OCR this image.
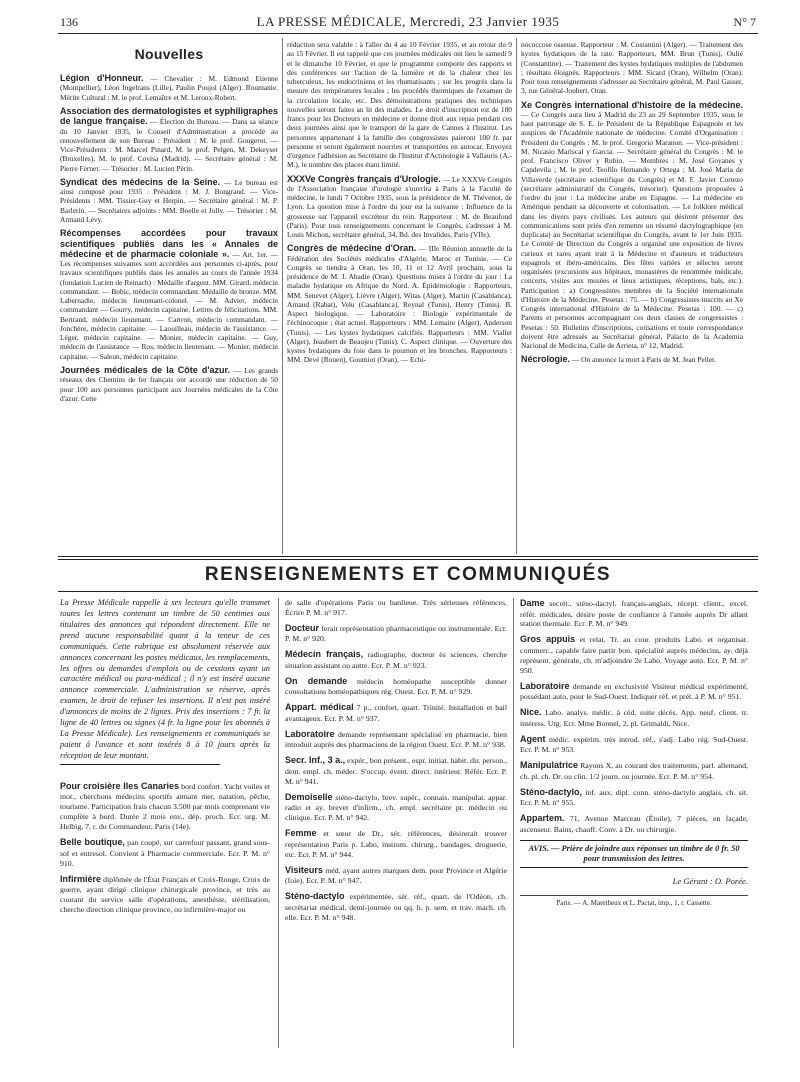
136	LA PRESSE MÉDICALE, Mercredi, 23 Janvier 1935	N° 7
Nouvelles
Légion d'Honneur. — Chevalier : M. Edmond Etienne (Montpellier), Léon Ingelrans (Lille), Paulin Poujol (Alger). Roumanie. Mérite Cultural : M. le prof. Lemaître et M. Leroux-Robert.
Association des dermatologistes et syphiligraphes de langue française. — Élection du Bureau. — Dans sa séance du 10 Janvier 1935, le Conseil d'Administration a procédé au renouvellement de son Bureau : Président : M. le prof. Gougerot. — Vice-Présidents : M. Marcel Pinard, M. le prof. Pelgen, M. Dekeyser (Bruxelles), M. le prof. Covisa (Madrid). — Secrétaire général : M. Pierre Fernet. — Trésorier : M. Lucien Périn.
Syndicat des médecins de la Seine. — Le bureau est ainsi composé pour 1935 : Président : M. J. Bongrand. — Vice-Présidents : MM. Tissier-Guy et Herpin. — Secrétaire général : M. P. Barlerin. — Secrétaires adjoints : MM. Boelle et Jolly. — Trésorier : M. Armand Lévy.
Récompenses accordées pour travaux scientifiques publiés dans les « Annales de médecine et de pharmacie coloniale ». — Art. 1er. — Les récompenses suivantes sont accordées aux personnes ci-après, pour travaux scientifiques publiés dans les annales au cours de l'année 1934 (fondation Lucien de Reinach) : Médaille d'argent. MM. Girard, médecin commandant. — Bobic, médecin commandant. Médaille de bronze. MM. Labernadie, médecin lieutenant-colonel. — M. Advier, médecin commandant — Gourry, médecin capitaine. Lettres de félicitations. MM. Bertrand, médecin lieutenant. — Cartron, médecin commandant. — Jonchère, médecin capitaine. — Laouilleau, médecin de l'assistance. — Léger, médecin capitaine. — Monier, médecin capitaine. — Guy, médecin de l'assistance — Ros, médecin lieutenant. — Monier, médecin capitaine. — Saleun, médecin capitaine.
Journées médicales de la Côte d'azur. — Les grands réseaux des Chemins de fer français ont accordé une réduction de 50 pour 100 aux personnes participant aux Journées médicales de la Côte d'azur. Cette
réduction sera valable : à l'aller du 4 au 10 Février 1935, et au retour du 9 au 15 Février. Il est rappelé que ces journées médicales ont lieu le samedi 9 et le dimanche 10 Février, et que le programme comporte des rapports et des conférences sur l'action de la lumière et de la chaleur chez les tuberculeux, les endocriniens et les rhumatisants ; sur les progrès dans la mesure des températures locales ; les procédés thermiques de l'examen de la circulation locale, etc. Des démonstrations pratiques des techniques nouvelles seront faites au lit des malades. Le droit d'inscription est de 180 francs pour les Docteurs en médecine et donne droit aux repas pendant ces deux journées ainsi que le transport de la gare de Cannes à l'Institut. Les personnes appartenant à la famille des congressistes paieront 100 fr. par personne et seront également nourries et transportées en autocar. Envoyez d'urgence l'adhésion au Secrétaire de l'Institut d'Actinologie à Vallauris (A.-M.), le nombre des places étant limité.
XXXVe Congrès français d'Urologie. — Le XXXVe Congrès de l'Association française d'urologie s'ouvrira à Paris à la Faculté de médecine, le lundi 7 Octobre 1935, sous la présidence de M. Thévenot, de Lyon. La question mise à l'ordre du jour est la suivante : Influence de la grossesse sur l'appareil excréteur du rein. Rapporteur : M. de Beaufond (Paris). Pour tous renseignements concernant le Congrès, s'adresser à M. Louis Michon, secrétaire général, 34, Bd. des Invalides, Paris (VIIe).
Congrès de médecine d'Oran. — IIIe Réunion annuelle de la Fédération des Sociétés médicales d'Algérie, Maroc et Tunisie. — Ce Congrès se tiendra à Oran, les 10, 11 et 12 Avril prochain, sous la présidence de M. J. Abadie (Oran). Questions mises à l'ordre du jour : La maladie hydatique en Afrique du Nord. A. Épidémiologie : Rapporteurs, MM. Senevet (Alger), Lièvre (Alger), Witas (Alger), Martin (Casablanca), Arnaud (Rabat), Velu (Casablanca), Reynal (Tunis), Henry (Tunis). B. Aspect biologique. — Laboratoire : Biologie expérimentale de l'échinocoque ; état actuel. Rapporteurs : MM. Lemaire (Alger), Anderson (Tunis). — Les kystes hydatiques calcifiés. Rapporteurs : MM. Viallet (Alger), Jeaubert de Beaujeu (Tunis). C. Aspect clinique. — Ouverture des kystes hydatiques du foie dans le poumon et les bronches. Rapporteurs : MM. Devé (Rouen), Goumiot (Oran), — Echi-
nococcose osseuse. Rapporteur : M. Costantini (Alger). — Traitement des kystes hydatiques de la rate. Rapporteurs, MM. Brun (Tunis), Oulié (Constantine). — Traitement des kystes hydatiques multiples de l'abdomen ; résultats éloignés. Rapporteurs : MM. Sicard (Oran), Wilhelm (Oran). Pour tous renseignements s'adresser au Secrétaire général, M. Paul Gasser, 3, rue Général-Joubert, Oran.
Xe Congrès international d'histoire de la médecine. — Ce Congrès aura lieu à Madrid du 23 au 29 Septembre 1935, sous le haut patronage de S. E. le Président de la République Espagnole et les auspices de l'Académie nationale de médecine. Comité d'Organisation : Président du Congrès : M. le prof. Gregorio Maranon. — Vice-président : M. Nicasio Mariscal y Garcia. — Secrétaire général du Congrès : M. le prof. Francisco Oliver y Rubio. — Membres : M. José Goyanes y Capdevila ; M. le prof. Teofilo Hernando y Ortega ; M. José Maria de Villaverde (secrétaire scientifique du Congrès) et M. F. Javier Cortezo (secrétaire administratif du Congrès, trésorier). Questions proposées à l'ordre du jour : La médecine arabe en Espagne. — La médecine en Amérique pendant sa découverte et colonisation. — Le folklore médical dans les divers pays civilisés. Les auteurs qui désirent présenter des communications sont priés d'en remettre un résumé dactylographique (en duplicata) au Secrétariat scientifique du Congrès, avant le 1er Juin 1935. Le Comité de Direction du Congrès a organisé une exposition de livres curieux et rares ayant trait à la Médecine et d'auteurs et traducteurs espagnols et ibéro-américains. Des fêtes variées et sélectes seront organisées (excursions aux hôpitaux, monastères de renommée médicale, concerts, visites aux musées et lieux artistiques, réceptions, bals, etc.). Participation : a) Congressistes membres de la Société internationale d'Histoire de la Médecine. Pesetas : 75. — b) Congressistes inscrits au Xe Congrès international d'Histoire de la Médecine. Pesetas : 100. — c) Parents et personnes accompagnant ces deux classes de congressistes : Pesetas : 50. Bulletins d'inscriptions, cotisations et toute correspondance doivent être adressés au Secrétariat général, Palacio de la Academia Nacional de Medicina, Calle de Arrieta, n° 12, Madrid.
Nécrologie. — On annonce la mort à Paris de M. Jean Pellet.
RENSEIGNEMENTS ET COMMUNIQUÉS
La Presse Médicale rappelle à ses lecteurs qu'elle transmet toutes les lettres contenant un timbre de 50 centimes aux titulaires des annonces qui répondent directement. Elle ne prend aucune responsabilité quant à la teneur de ces communiqués. Cette rubrique est absolument réservée aux annonces concernant les postes médicaux, les remplacements, les offres ou demandes d'emplois ou de cessions ayant un caractère médical ou para-médical ; il n'y est inséré aucune annonce commerciale. L'administration se réserve, après examen, le droit de refuser les insertions. Il n'est pas inséré d'annonces de moins de 2 lignes. Prix des insertions : 7 fr. la ligne de 40 lettres ou signes (4 fr. la ligne pour les abonnés à La Presse Médicale). Les renseignements et communiqués se paient à l'avance et sont insérés 8 à 10 jours après la réception de leur montant.
Pour croisière Iles Canaries bord confort. Yacht voiles et mot., cherchons médecins sportifs aimant mer, natation, pêche, tourisme. Participation frais chacun 3.500 par mois comprenant vie complète à bord. Durée 2 mois env., dép. proch. Ecr. urg. M. Helbig, 7, r. du Commandeur, Paris (14e).
Belle boutique, pan coupé, sur carrefour passant, grand sous-sol et entresol. Convient à Pharmacie commerciale. Ecr. P. M. n° 910.
Infirmière diplômée de l'État Français et Croix-Rouge, Croix de guerre, ayant dirigé clinique chirurgicale province, et très au courant du service salle d'opérations, anesthésie, stérilisation, cherche direction clinique province, ou infirmière-major ou
de salle d'opérations Paris ou banlieue. Très sérieuses références. Écrire P. M. n° 917.
Docteur ferait représentation pharmaceutique ou instrumentale. Ecr. P. M. n° 920.
Médecin français, radiographe, docteur ès sciences, cherche situation assistant ou autre. Ecr. P. M. n° 923.
On demande médecin homéopathe susceptible donner consultations homéopathiques rég. Ouest. Ecr. P. M. n° 929.
Appart. médical 7 p., confort, quart. Trinité. Installation et bail avantageux. Ecr. P. M. n° 937.
Laboratoire demande représentant spécialisé en pharmacie, bien introduit auprès des pharmaciens de la région Ouest. Ecr. P. M. n° 938.
Secr. Inf., 3 a., expér., bon présent., espr. initiat. habit. dir. person., dem. empl. ch. médec. S'occup. évent. direct. intérieur. Référ. Ecr. P. M. n° 941.
Demoiselle sténo-dactylo, brev. supér., connais. manipulat. appar. radio et ay. brevet d'infirm., ch. empl. secrétaire pr. médecin ou clinique. Ecr. P. M. n° 942.
Femme et sœur de Dr., sér. références, désirerait trouver représentation Paris p. Labo, instrum. chirurg., bandages, droguerie, etc. Ecr. P. M. n° 944.
Visiteurs méd. ayant autres marques dem. pour Province et Algérie (foie). Ecr. P. M. n° 947.
Sténo-dactylo expérimentée, sér. réf., quart. de l'Odéon, ch. secrétariat médical, demi-journée ou qq. h. p. sem. et trav. mach. ch. elle. Ecr. P. M. n° 948.
Dame secrét., sténo-dactyl. français-anglais, récept. client., excel. référ. médicales, désire poste de confiance à l'année auprès Dr allant station thermale. Ecr. P. M. n° 949.
Gros appuis et relat. Tr. au cour. produits Labo. et organisat. commerc., capable faire partir bon. spécialité auprès médecins, ay. déjà représent. générale, ch. m'adjoindre 2e Labo. Voyage auto. Ecr. P. M. n° 950.
Laboratoire demande en exclusivité Visiteur médical expérimenté, possédant auto, pour le Sud-Ouest. Indiquer réf. et prét. à P. M. n° 951.
Nice. Labo. analys. médic. à céd. suite décès. App. neuf. client. tr. intéress. Urg. Ecr. Mme Bonnel, 2, pl. Grimaldi, Nice.
Agent médic. expérim. très introd. réf., s'adj. Labo rég. Sud-Ouest. Ecr. P. M. n° 953.
Manipulatrice Rayons X, au courant des traitements, parl. allemand, ch. pl. ch. Dr. ou clin. 1/2 journ. ou journée. Ecr. P. M. n° 954.
Sténo-dactylo, inf. aux. dipl. conn. sténo-dactylo anglais, ch. sit. Ecr. P. M. n° 955.
Appartem. 71, Avenue Marceau (Étoile), 7 pièces, en façade, ascenseur. Bains, chauff. Conv. à Dr. ou chirurgie.
AVIS. — Prière de joindre aux réponses un timbre de 0 fr. 50 pour transmission des lettres.
Le Gérant : O. Porée.
Paris. — A. Maretheux et L. Pactat, imp., 1, r. Cassette.
